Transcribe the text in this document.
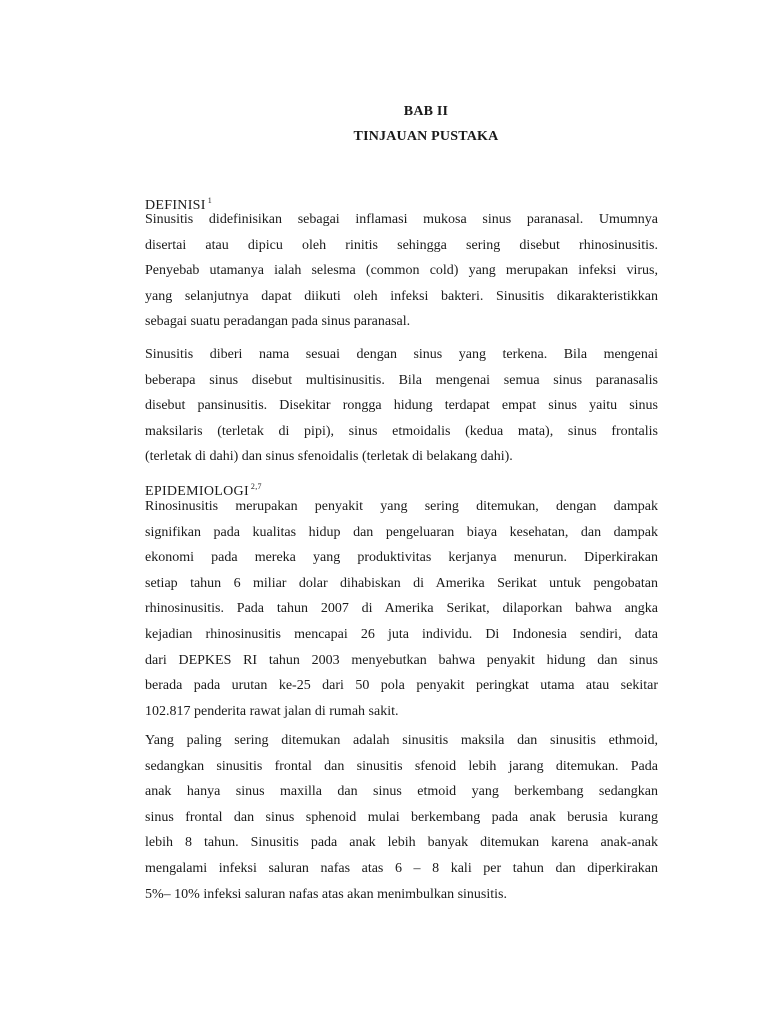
BAB II
TINJAUAN PUSTAKA
DEFINISI $^1$
Sinusitis didefinisikan sebagai inflamasi mukosa sinus paranasal. Umumnya
disertai atau dipicu oleh rinitis sehingga sering disebut rhinosinusitis.
Penyebab utamanya ialah selesma (common cold) yang merupakan infeksi virus,
yang selanjutnya dapat diikuti oleh infeksi bakteri. Sinusitis dikarakteristikkan
sebagai suatu peradangan pada sinus paranasal.
Sinusitis diberi nama sesuai dengan sinus yang terkena. Bila mengenai
beberapa sinus disebut multisinusitis. Bila mengenai semua sinus paranasalis
disebut pansinusitis. Disekitar rongga hidung terdapat empat sinus yaitu sinus
maksilaris (terletak di pipi), sinus etmoidalis (kedua mata), sinus frontalis
(terletak di dahi) dan sinus sfenoidalis (terletak di belakang dahi).
EPIDEMIOLOGI $^{2,7}$
Rinosinusitis merupakan penyakit yang sering ditemukan, dengan dampak
signifikan pada kualitas hidup dan pengeluaran biaya kesehatan, dan dampak
ekonomi pada mereka yang produktivitas kerjanya menurun. Diperkirakan
setiap tahun 6 miliar dolar dihabiskan di Amerika Serikat untuk pengobatan
rhinosinusitis. Pada tahun 2007 di Amerika Serikat, dilaporkan bahwa angka
kejadian rhinosinusitis mencapai 26 juta individu. Di Indonesia sendiri, data
dari DEPKES RI tahun 2003 menyebutkan bahwa penyakit hidung dan sinus
berada pada urutan ke-25 dari 50 pola penyakit peringkat utama atau sekitar
102.817 penderita rawat jalan di rumah sakit.
Yang paling sering ditemukan adalah sinusitis maksila dan sinusitis ethmoid,
sedangkan sinusitis frontal dan sinusitis sfenoid lebih jarang ditemukan. Pada
anak hanya sinus maxilla dan sinus etmoid yang berkembang sedangkan
sinus frontal dan sinus sphenoid mulai berkembang pada anak berusia kurang
lebih 8 tahun. Sinusitis pada anak lebih banyak ditemukan karena anak-anak
mengalami infeksi saluran nafas atas 6 – 8 kali per tahun dan diperkirakan
5%– 10% infeksi saluran nafas atas akan menimbulkan sinusitis.
